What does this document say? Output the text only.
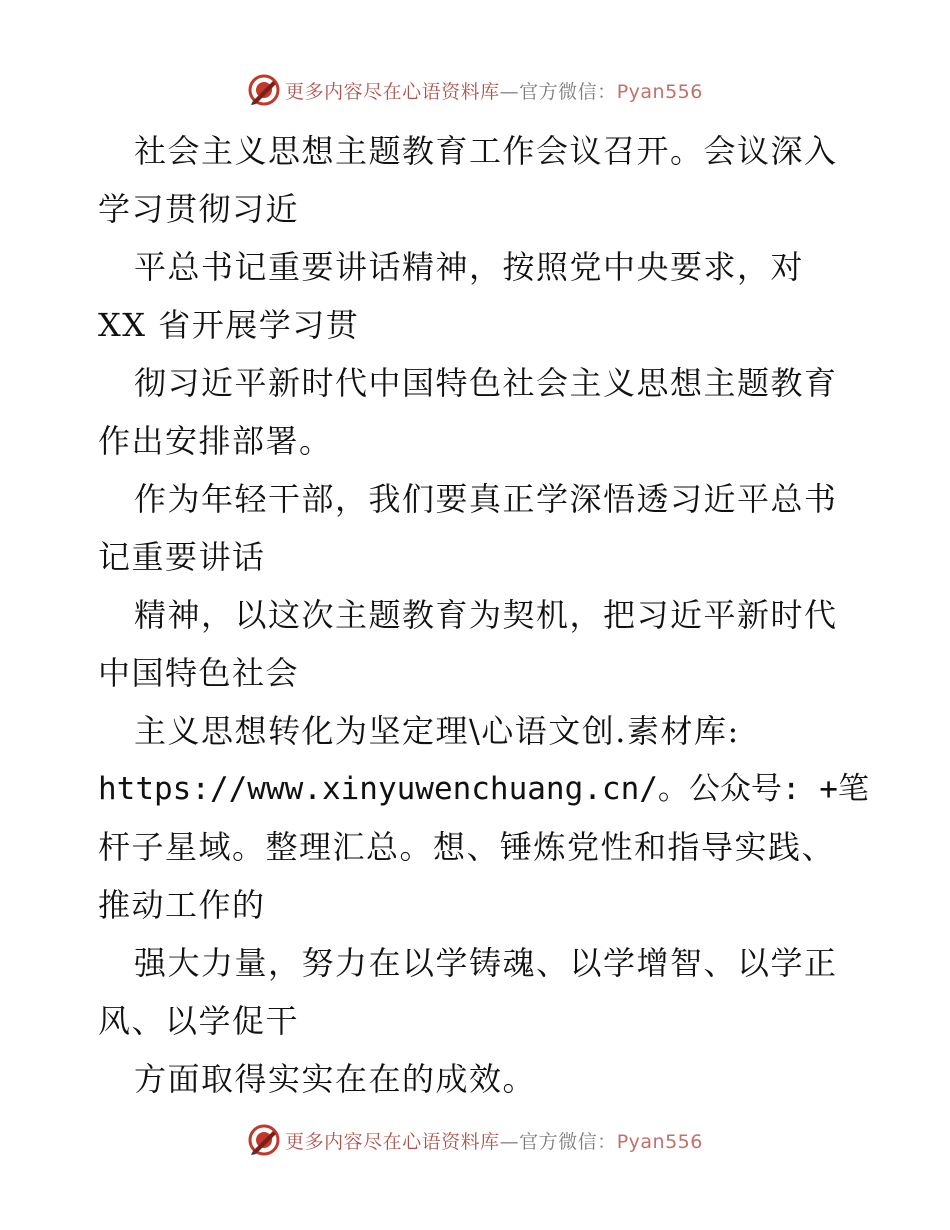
更多内容尽在心语资料库—官方微信：Pyan556
社会主义思想主题教育工作会议召开。会议深入
学习贯彻习近
平总书记重要讲话精神，按照党中央要求，对
XX 省开展学习贯
彻习近平新时代中国特色社会主义思想主题教育
作出安排部署。
作为年轻干部，我们要真正学深悟透习近平总书
记重要讲话
精神，以这次主题教育为契机，把习近平新时代
中国特色社会
主义思想转化为坚定理\心语文创.素材库:
https://www.xinyuwenchuang.cn/。公众号: +笔
杆子星域。整理汇总。想、锤炼党性和指导实践、
推动工作的
强大力量，努力在以学铸魂、以学增智、以学正
风、以学促干
方面取得实实在在的成效。
更多内容尽在心语资料库—官方微信：Pyan556
